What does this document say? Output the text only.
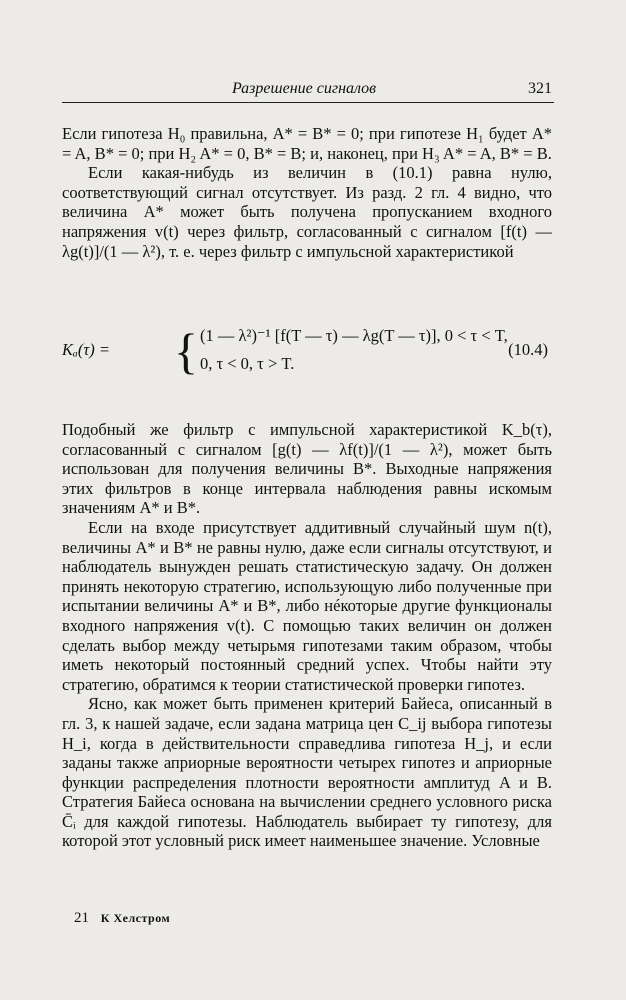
Разрешение сигналов	321

Если гипотеза H₀ правильна, A* = B* = 0; при гипотезе H₁ будет A* = A, B* = 0; при H₂ A* = 0, B* = B; и, наконец, при H₃ A* = A, B* = B.

Если какая-нибудь из величин в (10.1) равна нулю, соответствующий сигнал отсутствует. Из разд. 2 гл. 4 видно, что величина A* может быть получена пропусканием входного напряжения v(t) через фильтр, согласованный с сигналом [f(t) — λg(t)]/(1 — λ²), т. е. через фильтр с импульсной характеристикой

Kₐ(τ) = { (1 — λ²)⁻¹ [f(T — τ) — λg(T — τ)], 0 < τ < T,
0, τ < 0, τ > T.
(10.4)

Подобный же фильтр с импульсной характеристикой K_b(τ), согласованный с сигналом [g(t) — λf(t)]/(1 — λ²), может быть использован для получения величины B*. Выходные напряжения этих фильтров в конце интервала наблюдения равны искомым значениям A* и B*.

Если на входе присутствует аддитивный случайный шум n(t), величины A* и B* не равны нулю, даже если сигналы отсутствуют, и наблюдатель вынужден решать статистическую задачу. Он должен принять некоторую стратегию, использующую либо полученные при испытании величины A* и B*, либо нéкоторые другие функционалы входного напряжения v(t). С помощью таких величин он должен сделать выбор между четырьмя гипотезами таким образом, чтобы иметь некоторый постоянный средний успех. Чтобы найти эту стратегию, обратимся к теории статистической проверки гипотез.

Ясно, как может быть применен критерий Байеса, описанный в гл. 3, к нашей задаче, если задана матрица цен C_ij выбора гипотезы H_i, когда в действительности справедлива гипотеза H_j, и если заданы также априорные вероятности четырех гипотез и априорные функции распределения плотности вероятности амплитуд A и B. Стратегия Байеса основана на вычислении среднего условного риска C̄ᵢ для каждой гипотезы. Наблюдатель выбирает ту гипотезу, для которой этот условный риск имеет наименьшее значение. Условные

21 К Хелстром
